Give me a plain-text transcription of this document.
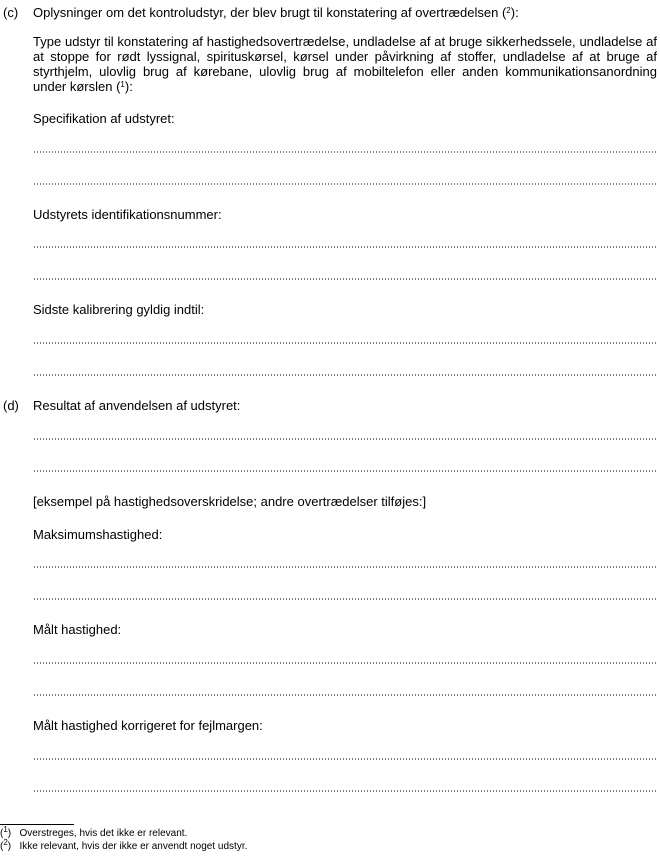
(c) Oplysninger om det kontroludstyr, der blev brugt til konstatering af overtrædelsen ($^2$):
Type udstyr til konstatering af hastighedsovertrædelse, undladelse af at bruge sikkerhedssele, undladelse af at stoppe for rødt lyssignal, spirituskørsel, kørsel under påvirkning af stoffer, undladelse af at bruge af styrthjelm, ulovlig brug af kørebane, ulovlig brug af mobiltelefon eller anden kommunikationsanordning under kørslen ($^1$):
Specifikation af udstyret:
Udstyrets identifikationsnummer:
Sidste kalibrering gyldig indtil:
(d) Resultat af anvendelsen af udstyret:
[eksempel på hastighedsoverskridelse; andre overtrædelser tilføjes:]
Maksimumshastighed:
Målt hastighed:
Målt hastighed korrigeret for fejlmargen:
($^1$)   Overstreges, hvis det ikke er relevant.
($^2$)   Ikke relevant, hvis der ikke er anvendt noget udstyr.
